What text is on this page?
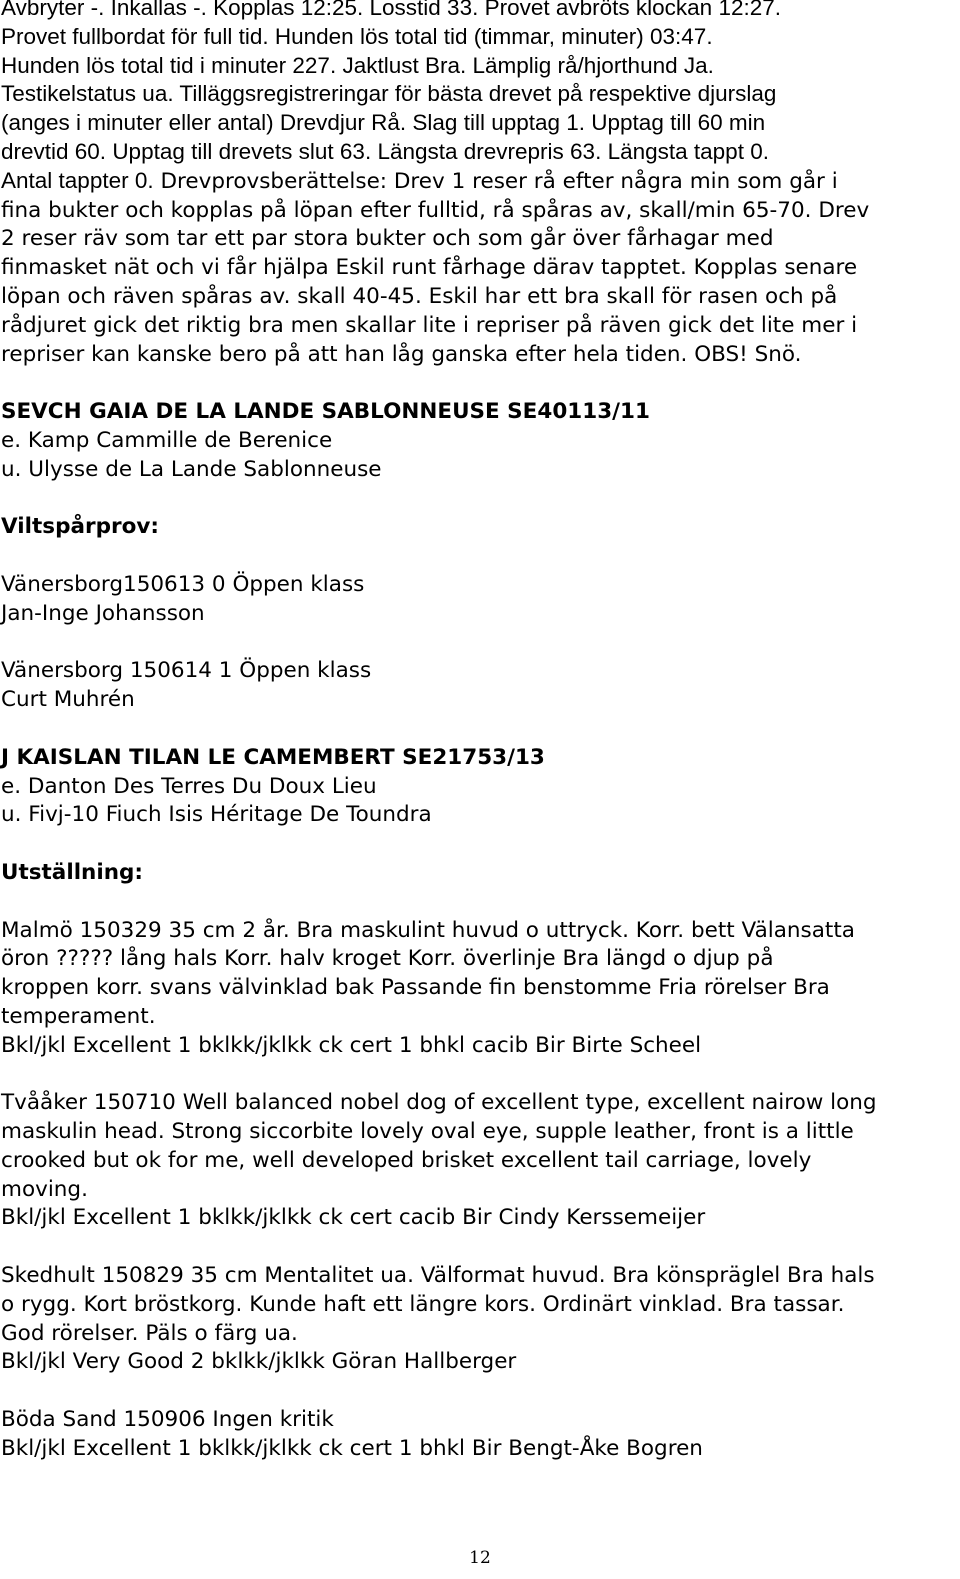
Avbryter -. Inkallas -. Kopplas 12:25. Losstid 33. Provet avbröts klockan 12:27.

Provet fullbordat för full tid. Hunden lös total tid (timmar, minuter) 03:47.

Hunden lös total tid i minuter 227. Jaktlust Bra. Lämplig rå/hjorthund Ja.

Testikelstatus ua. Tilläggsregistreringar för bästa drevet på respektive djurslag

(anges i minuter eller antal) Drevdjur Rå. Slag till upptag 1. Upptag till 60 min

drevtid 60. Upptag till drevets slut 63. Längsta drevrepris 63. Längsta tappt 0.

Antal tappter 0. Drevprovsberättelse: Drev 1 reser rå efter några min som går i

fina bukter och kopplas på löpan efter fulltid, rå spåras av, skall/min 65-70. Drev

2 reser räv som tar ett par stora bukter och som går över fårhagar med

finmasket nät och vi får hjälpa Eskil runt fårhage därav tapptet. Kopplas senare

löpan och räven spåras av. skall 40-45. Eskil har ett bra skall för rasen och på

rådjuret gick det riktig bra men skallar lite i repriser på räven gick det lite mer i

repriser kan kanske bero på att han låg ganska efter hela tiden. OBS! Snö.

SEVCH GAIA DE LA LANDE SABLONNEUSE SE40113/11

e. Kamp Cammille de Berenice

u. Ulysse de La Lande Sablonneuse

Viltspårprov:

Vänersborg150613 0 Öppen klass

Jan-Inge Johansson

Vänersborg 150614 1 Öppen klass

Curt Muhrén

J KAISLAN TILAN LE CAMEMBERT SE21753/13

e. Danton Des Terres Du Doux Lieu

u. Fivj-10 Fiuch Isis Héritage De Toundra

Utställning:

Malmö 150329 35 cm 2 år. Bra maskulint huvud o uttryck. Korr. bett Välansatta

öron ????? lång hals Korr. halv kroget Korr. överlinje Bra längd o djup på

kroppen korr. svans välvinklad bak Passande fin benstomme Fria rörelser Bra

temperament.

Bkl/jkl Excellent 1 bklkk/jklkk ck cert 1 bhkl cacib Bir Birte Scheel

Tvååker 150710 Well balanced nobel dog of excellent type, excellent nairow long

maskulin head. Strong siccorbite lovely oval eye, supple leather, front is a little

crooked but ok for me, well developed brisket excellent tail carriage, lovely

moving.

Bkl/jkl Excellent 1 bklkk/jklkk ck cert cacib Bir Cindy Kerssemeijer

Skedhult 150829 35 cm Mentalitet ua. Välformat huvud. Bra könspräglel Bra hals

o rygg. Kort bröstkorg. Kunde haft ett längre kors. Ordinärt vinklad. Bra tassar.

God rörelser. Päls o färg ua.

Bkl/jkl Very Good 2 bklkk/jklkk Göran Hallberger

Böda Sand 150906 Ingen kritik

Bkl/jkl Excellent 1 bklkk/jklkk ck cert 1 bhkl Bir Bengt-Åke Bogren

12
